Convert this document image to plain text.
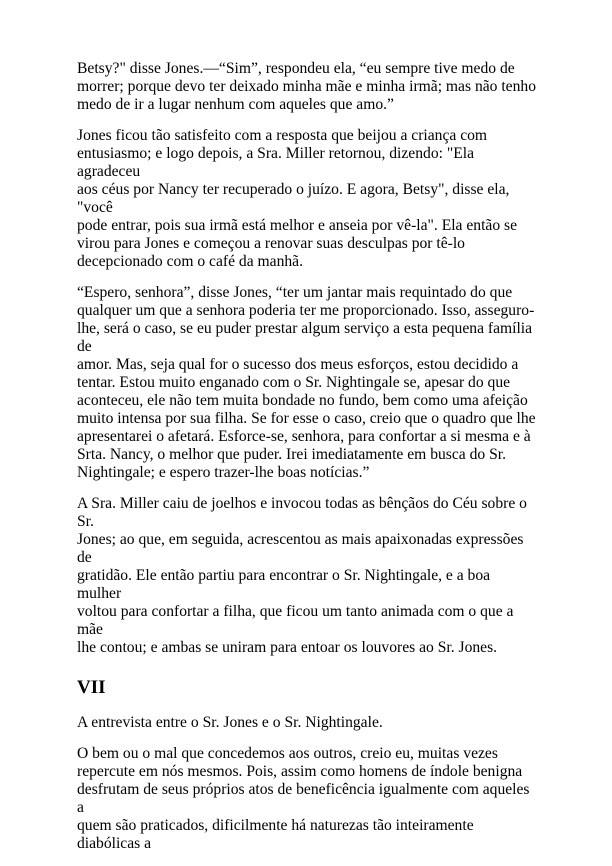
Betsy?" disse Jones.—“Sim”, respondeu ela, “eu sempre tive medo de
morrer; porque devo ter deixado minha mãe e minha irmã; mas não tenho
medo de ir a lugar nenhum com aqueles que amo.”

Jones ficou tão satisfeito com a resposta que beijou a criança com
entusiasmo; e logo depois, a Sra. Miller retornou, dizendo: "Ela agradeceu
aos céus por Nancy ter recuperado o juízo. E agora, Betsy", disse ela, "você
pode entrar, pois sua irmã está melhor e anseia por vê-la". Ela então se
virou para Jones e começou a renovar suas desculpas por tê-lo
decepcionado com o café da manhã.

“Espero, senhora”, disse Jones, “ter um jantar mais requintado do que
qualquer um que a senhora poderia ter me proporcionado. Isso, asseguro-
lhe, será o caso, se eu puder prestar algum serviço a esta pequena família de
amor. Mas, seja qual for o sucesso dos meus esforços, estou decidido a
tentar. Estou muito enganado com o Sr. Nightingale se, apesar do que
aconteceu, ele não tem muita bondade no fundo, bem como uma afeição
muito intensa por sua filha. Se for esse o caso, creio que o quadro que lhe
apresentarei o afetará. Esforce-se, senhora, para confortar a si mesma e à
Srta. Nancy, o melhor que puder. Irei imediatamente em busca do Sr.
Nightingale; e espero trazer-lhe boas notícias.”

A Sra. Miller caiu de joelhos e invocou todas as bênçãos do Céu sobre o Sr.
Jones; ao que, em seguida, acrescentou as mais apaixonadas expressões de
gratidão. Ele então partiu para encontrar o Sr. Nightingale, e a boa mulher
voltou para confortar a filha, que ficou um tanto animada com o que a mãe
lhe contou; e ambas se uniram para entoar os louvores ao Sr. Jones.

VII

A entrevista entre o Sr. Jones e o Sr. Nightingale.

O bem ou o mal que concedemos aos outros, creio eu, muitas vezes
repercute em nós mesmos. Pois, assim como homens de índole benigna
desfrutam de seus próprios atos de beneficência igualmente com aqueles a
quem são praticados, dificilmente há naturezas tão inteiramente diabólicas a
